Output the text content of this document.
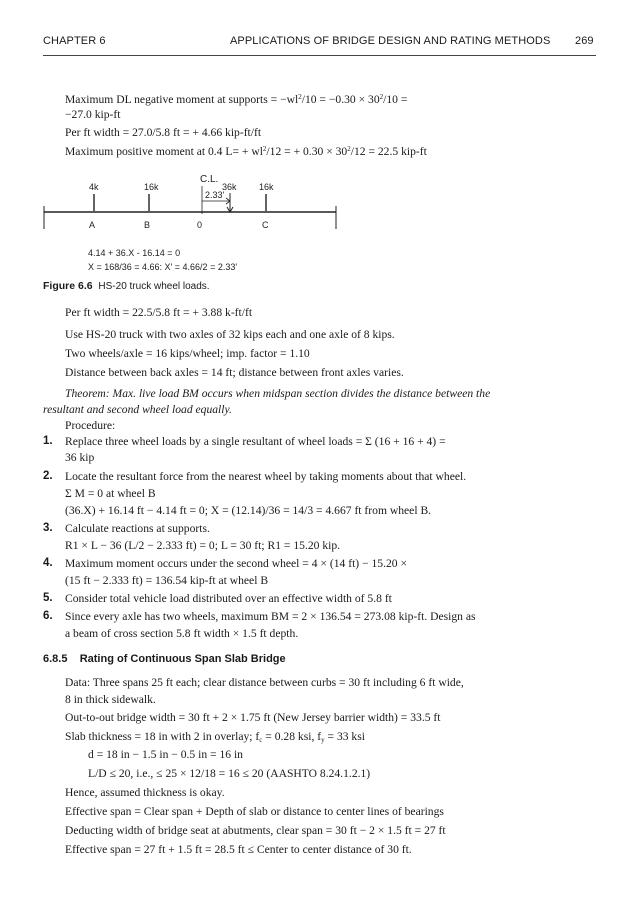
CHAPTER 6	APPLICATIONS OF BRIDGE DESIGN AND RATING METHODS 269
Maximum DL negative moment at supports = $-wl^2/10 = -0.30 \times 30^2/10$ =
−27.0 kip-ft
Per ft width = 27.0/5.8 ft = + 4.66 kip-ft/ft
Maximum positive moment at 0.4 $L= + wl^2/12$ = + $0.30 \times 30^2/12 = 22.5$ kip-ft
4k	16k
C.L.
36k 16k
2.33'
A	B	0	C
4.14 + 36.X - 16.14 = 0
X = 168/36 = 4.66: X' = 4.66/2 = 2.33'
Figure 6.6 HS-20 truck wheel loads.
Per ft width = 22.5/5.8 ft = + 3.88 k-ft/ft
Use HS-20 truck with two axles of 32 kips each and one axle of 8 kips.
Two wheels/axle = 16 kips/wheel; imp. factor = 1.10
Distance between back axles = 14 ft; distance between front axles varies.
Theorem: Max. live load BM occurs when midspan section divides the distance between the
resultant and second wheel load equally.
Procedure:
1. Replace three wheel loads by a single resultant of wheel loads = Σ (16 + 16 + 4) =
36 kip
2. Locate the resultant force from the nearest wheel by taking moments about that wheel.
Σ M = 0 at wheel B
(36.X) + 16.14 ft − 4.14 ft = 0; X = (12.14)/36 = 14/3 = 4.667 ft from wheel B.
3. Calculate reactions at supports.
R1 × L − 36 (L/2 − 2.333 ft) = 0; L = 30 ft; R1 = 15.20 kip.
4. Maximum moment occurs under the second wheel = 4 × (14 ft) − 15.20 ×
(15 ft − 2.333 ft) = 136.54 kip-ft at wheel B
5. Consider total vehicle load distributed over an effective width of 5.8 ft
6. Since every axle has two wheels, maximum BM = 2 × 136.54 = 273.08 kip-ft. Design as
a beam of cross section 5.8 ft width × 1.5 ft depth.
6.8.5 Rating of Continuous Span Slab Bridge
Data: Three spans 25 ft each; clear distance between curbs = 30 ft including 6 ft wide,
8 in thick sidewalk.
Out-to-out bridge width = 30 ft + 2 × 1.75 ft (New Jersey barrier width) = 33.5 ft
Slab thickness = 18 in with 2 in overlay; $f_c = 0.28$ ksi, $f_y = 33$ ksi
d = 18 in − 1.5 in − 0.5 in = 16 in
L/D ≤ 20, i.e., ≤ 25 × 12/18 = 16 ≤ 20 (AASHTO 8.24.1.2.1)
Hence, assumed thickness is okay.
Effective span = Clear span + Depth of slab or distance to center lines of bearings
Deducting width of bridge seat at abutments, clear span = 30 ft − 2 × 1.5 ft = 27 ft
Effective span = 27 ft + 1.5 ft = 28.5 ft ≤ Center to center distance of 30 ft.
